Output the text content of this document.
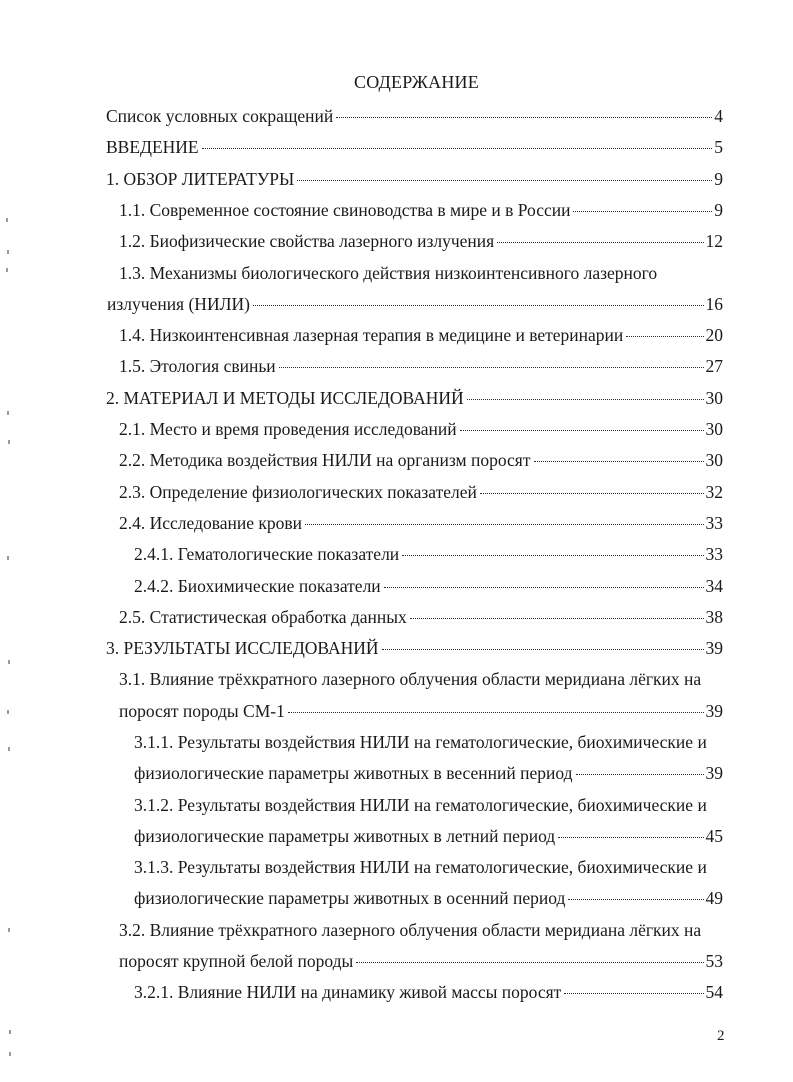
СОДЕРЖАНИЕ
Список условных сокращений	4
ВВЕДЕНИЕ	5
1. ОБЗОР ЛИТЕРАТУРЫ	9
1.1. Современное состояние свиноводства в мире и в России	9
1.2. Биофизические свойства лазерного излучения	12
1.3. Механизмы биологического действия низкоинтенсивного лазерного
излучения (НИЛИ)	16
1.4. Низкоинтенсивная лазерная терапия в медицине и ветеринарии	20
1.5. Этология свиньи	27
2. МАТЕРИАЛ И МЕТОДЫ ИССЛЕДОВАНИЙ	30
2.1. Место и время проведения исследований	30
2.2. Методика воздействия НИЛИ на организм поросят	30
2.3. Определение физиологических показателей	32
2.4. Исследование крови	33
2.4.1. Гематологические показатели	33
2.4.2. Биохимические показатели	34
2.5. Статистическая обработка данных	38
3. РЕЗУЛЬТАТЫ ИССЛЕДОВАНИЙ	39
3.1. Влияние трёхкратного лазерного облучения области меридиана лёгких на
поросят породы СМ-1	39
3.1.1. Результаты воздействия НИЛИ на гематологические, биохимические и
физиологические параметры животных в весенний период	39
3.1.2. Результаты воздействия НИЛИ на гематологические, биохимические и
физиологические параметры животных в летний период	45
3.1.3. Результаты воздействия НИЛИ на гематологические, биохимические и
физиологические параметры животных в осенний период	49
3.2. Влияние трёхкратного лазерного облучения области меридиана лёгких на
поросят крупной белой породы	53
3.2.1. Влияние НИЛИ на динамику живой массы поросят	54
2
